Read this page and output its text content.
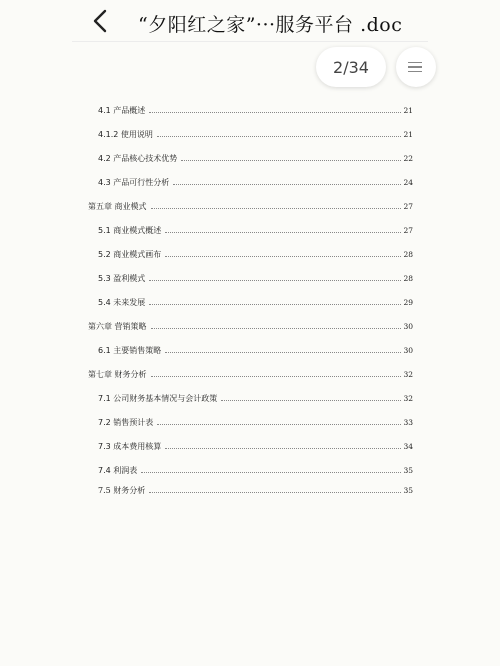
“夕阳红之家”···服务平台 .doc
2/34
4.1 产品概述	21
4.1.2 使用说明	21
4.2 产品核心技术优势	22
4.3 产品可行性分析	24
第五章 商业模式	27
5.1 商业模式概述	27
5.2 商业模式画布	28
5.3 盈利模式	28
5.4 未来发展	29
第六章 营销策略	30
6.1 主要销售策略	30
第七章 财务分析	32
7.1 公司财务基本情况与会计政策	32
7.2 销售预计表	33
7.3 成本费用核算	34
7.4 利润表	35
7.5 财务分析	35
